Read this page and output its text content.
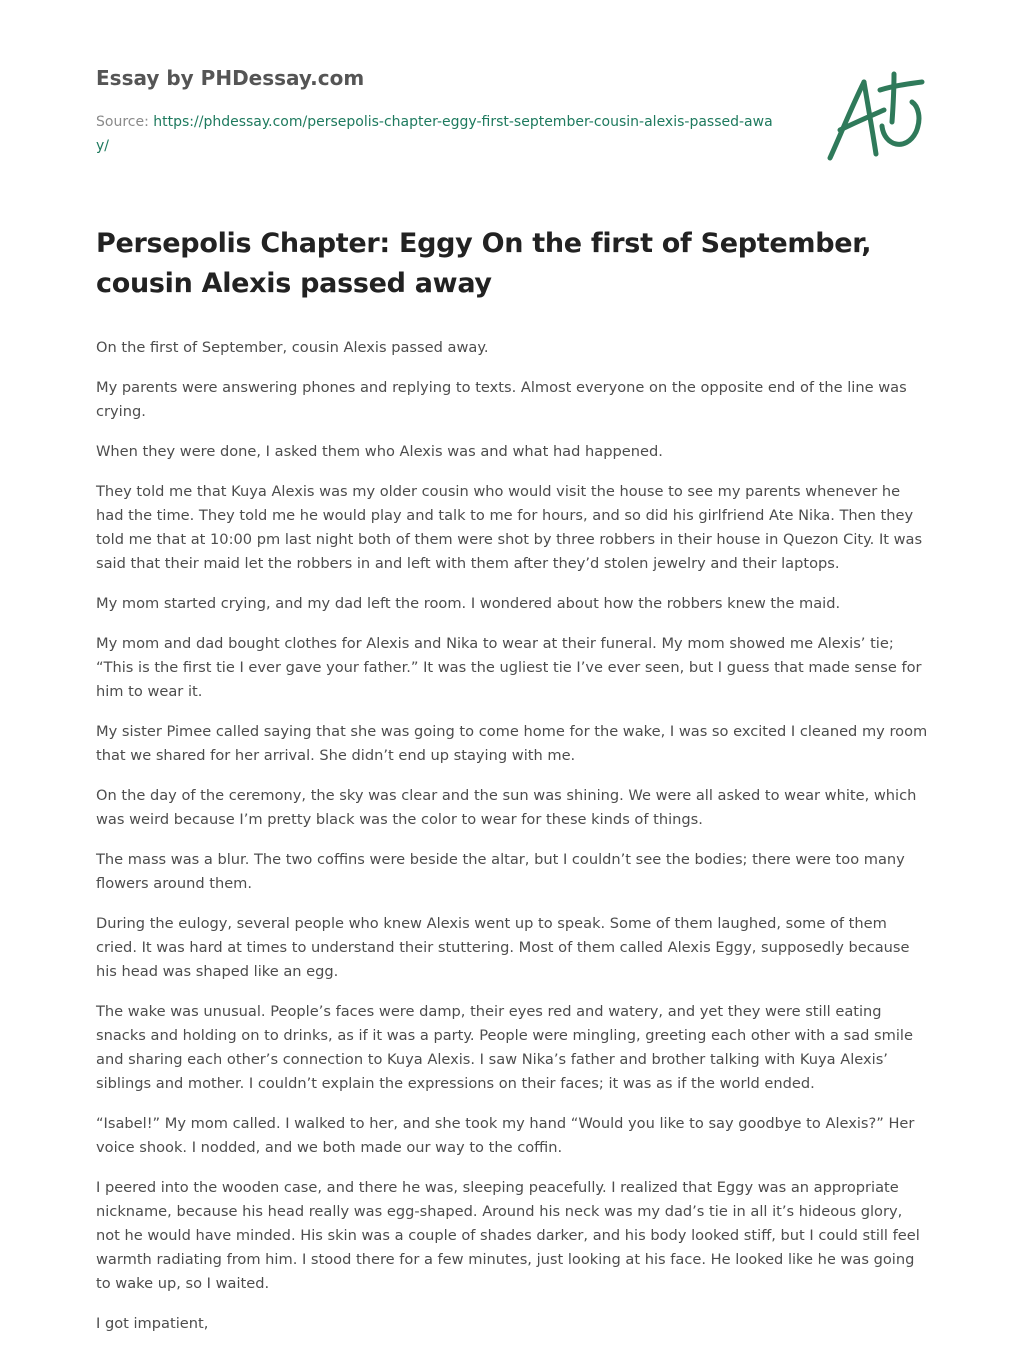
Essay by PHDessay.com
Source: https://phdessay.com/persepolis-chapter-eggy-first-september-cousin-alexis-passed-away/
Persepolis Chapter: Eggy On the first of September, cousin Alexis passed away

On the first of September, cousin Alexis passed away.

My parents were answering phones and replying to texts. Almost everyone on the opposite end of the line was crying.

When they were done, I asked them who Alexis was and what had happened.

They told me that Kuya Alexis was my older cousin who would visit the house to see my parents whenever he had the time. They told me he would play and talk to me for hours, and so did his girlfriend Ate Nika. Then they told me that at 10:00 pm last night both of them were shot by three robbers in their house in Quezon City. It was said that their maid let the robbers in and left with them after they’d stolen jewelry and their laptops.

My mom started crying, and my dad left the room. I wondered about how the robbers knew the maid.

My mom and dad bought clothes for Alexis and Nika to wear at their funeral. My mom showed me Alexis’ tie; “This is the first tie I ever gave your father.” It was the ugliest tie I’ve ever seen, but I guess that made sense for him to wear it.

My sister Pimee called saying that she was going to come home for the wake, I was so excited I cleaned my room that we shared for her arrival. She didn’t end up staying with me.

On the day of the ceremony, the sky was clear and the sun was shining. We were all asked to wear white, which was weird because I’m pretty black was the color to wear for these kinds of things.

The mass was a blur. The two coffins were beside the altar, but I couldn’t see the bodies; there were too many flowers around them.

During the eulogy, several people who knew Alexis went up to speak. Some of them laughed, some of them cried. It was hard at times to understand their stuttering. Most of them called Alexis Eggy, supposedly because his head was shaped like an egg.

The wake was unusual. People’s faces were damp, their eyes red and watery, and yet they were still eating snacks and holding on to drinks, as if it was a party. People were mingling, greeting each other with a sad smile and sharing each other’s connection to Kuya Alexis. I saw Nika’s father and brother talking with Kuya Alexis’ siblings and mother. I couldn’t explain the expressions on their faces; it was as if the world ended.

“Isabel!” My mom called. I walked to her, and she took my hand “Would you like to say goodbye to Alexis?” Her voice shook. I nodded, and we both made our way to the coffin.

I peered into the wooden case, and there he was, sleeping peacefully. I realized that Eggy was an appropriate nickname, because his head really was egg-shaped. Around his neck was my dad’s tie in all it’s hideous glory, not he would have minded. His skin was a couple of shades darker, and his body looked stiff, but I could still feel warmth radiating from him. I stood there for a few minutes, just looking at his face. He looked like he was going to wake up, so I waited.

I got impatient,
